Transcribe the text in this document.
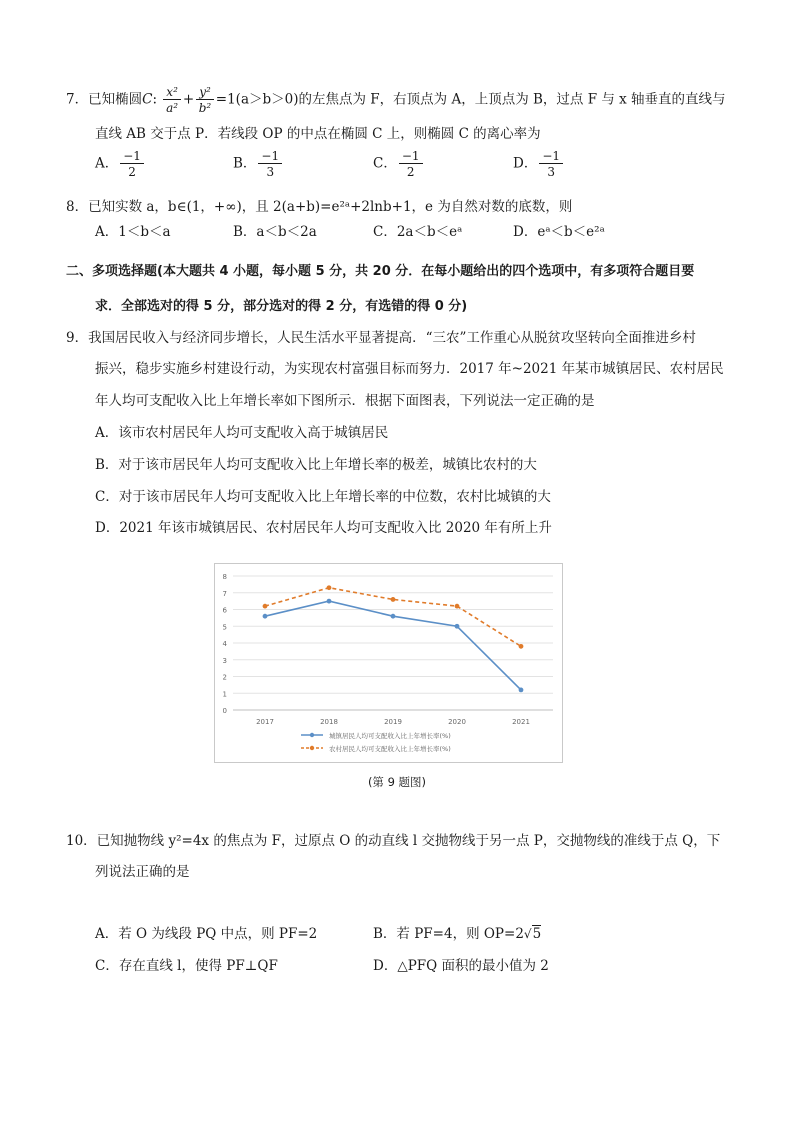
7．已知椭圆C: $\frac{\text{x²}}{\text{a²}} + \frac{\text{y²}}{\text{b²}} =1(a>b>0)$的左焦点为 F，右顶点为 A，上顶点为 B，过点 F 与 x 轴垂直的直线与
直线 AB 交于点 P．若线段 OP 的中点在椭圆 C 上，则椭圆 C 的离心率为
A． $\frac{-1}{2}$	B． $\frac{-1}{3}$	C． $\frac{-1}{2}$	D． $\frac{-1}{3}$
8．已知实数 a，b∈(1，+∞)，且 2(a+b)=e²ᵃ+2lnb+1，e 为自然对数的底数，则
A．1＜b＜a	B．a＜b＜2a	C．2a＜b＜eᵃ	D．eᵃ＜b＜e²ᵃ
二、多项选择题(本大题共 4 小题，每小题 5 分，共 20 分．在每小题给出的四个选项中，有多项符合题目要
求．全部选对的得 5 分，部分选对的得 2 分，有选错的得 0 分)
9．我国居民收入与经济同步增长，人民生活水平显著提高．“三农”工作重心从脱贫攻坚转向全面推进乡村
振兴，稳步实施乡村建设行动，为实现农村富强目标而努力．2017 年~2021 年某市城镇居民、农村居民
年人均可支配收入比上年增长率如下图所示．根据下面图表，下列说法一定正确的是
A．该市农村居民年人均可支配收入高于城镇居民
B．对于该市居民年人均可支配收入比上年增长率的极差，城镇比农村的大
C．对于该市居民年人均可支配收入比上年增长率的中位数，农村比城镇的大
D．2021 年该市城镇居民、农村居民年人均可支配收入比 2020 年有所上升
0
1
2
3
4
5
6
7
8
2017	2018	2019	2020	2021
城镇居民人均可支配收入比上年增长率(%)
农村居民人均可支配收入比上年增长率(%)
(第 9 题图)
10．已知抛物线 y²=4x 的焦点为 F，过原点 O 的动直线 l 交抛物线于另一点 P，交抛物线的准线于点 Q，下
列说法正确的是
A．若 O 为线段 PQ 中点，则 PF=2	B．若 PF=4，则 OP=2√5
C．存在直线 l，使得 PF⊥QF	D．△PFQ 面积的最小值为 2
